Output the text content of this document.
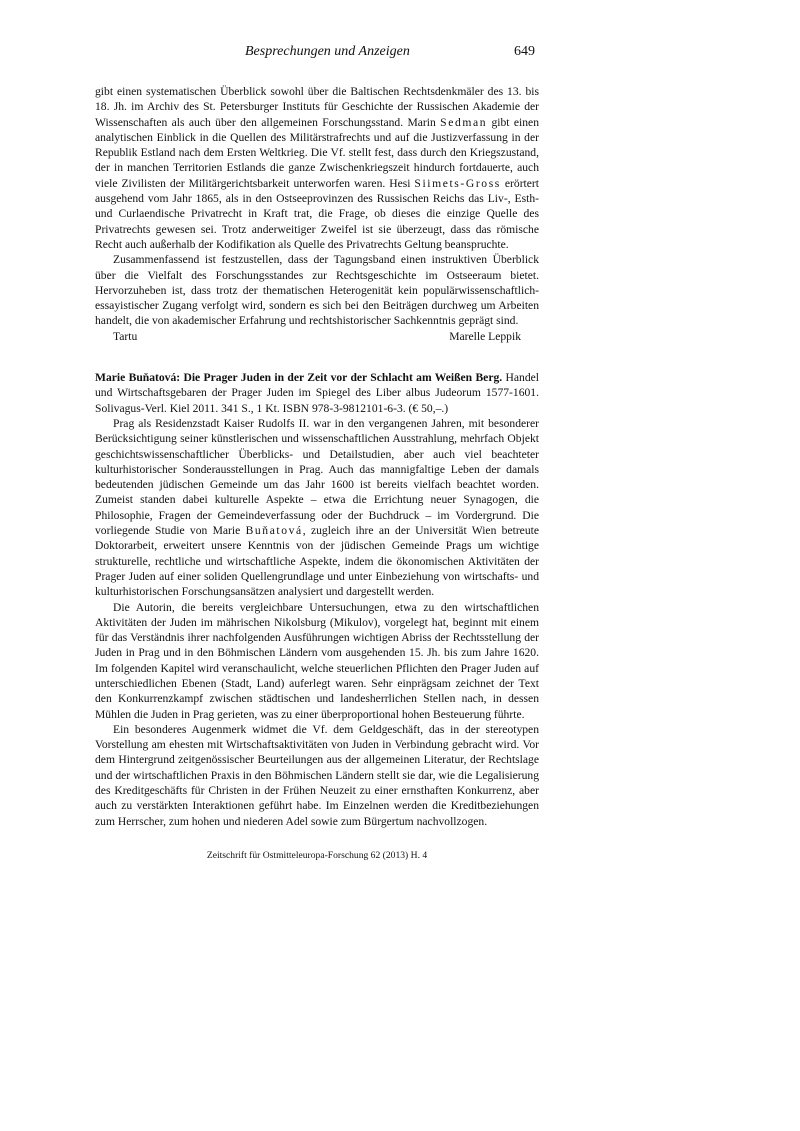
Besprechungen und Anzeigen	649

gibt einen systematischen Überblick sowohl über die Baltischen Rechtsdenkmäler des 13. bis 18. Jh. im Archiv des St. Petersburger Instituts für Geschichte der Russischen Akademie der Wissenschaften als auch über den allgemeinen Forschungsstand. Marin Sedman gibt einen analytischen Einblick in die Quellen des Militärstrafrechts und auf die Justizverfassung in der Republik Estland nach dem Ersten Weltkrieg. Die Vf. stellt fest, dass durch den Kriegszustand, der in manchen Territorien Estlands die ganze Zwischenkriegszeit hindurch fortdauerte, auch viele Zivilisten der Militärgerichtsbarkeit unterworfen waren. Hesi Siimets-Gross erörtert ausgehend vom Jahr 1865, als in den Ostseeprovinzen des Russischen Reichs das Liv-, Esth- und Curlaendische Privatrecht in Kraft trat, die Frage, ob dieses die einzige Quelle des Privatrechts gewesen sei. Trotz anderweitiger Zweifel ist sie überzeugt, dass das römische Recht auch außerhalb der Kodifikation als Quelle des Privatrechts Geltung beanspruchte.

Zusammenfassend ist festzustellen, dass der Tagungsband einen instruktiven Überblick über die Vielfalt des Forschungsstandes zur Rechtsgeschichte im Ostseeraum bietet. Hervorzuheben ist, dass trotz der thematischen Heterogenität kein populärwissenschaftlich-essayistischer Zugang verfolgt wird, sondern es sich bei den Beiträgen durchweg um Arbeiten handelt, die von akademischer Erfahrung und rechtshistorischer Sachkenntnis geprägt sind.

Tartu	Marelle Leppik

Marie Buňatová: Die Prager Juden in der Zeit vor der Schlacht am Weißen Berg. Handel und Wirtschaftsgebaren der Prager Juden im Spiegel des Liber albus Judeorum 1577-1601. Solivagus-Verl. Kiel 2011. 341 S., 1 Kt. ISBN 978-3-9812101-6-3. (€ 50,–.)

Prag als Residenzstadt Kaiser Rudolfs II. war in den vergangenen Jahren, mit besonderer Berücksichtigung seiner künstlerischen und wissenschaftlichen Ausstrahlung, mehrfach Objekt geschichtswissenschaftlicher Überblicks- und Detailstudien, aber auch viel beachteter kulturhistorischer Sonderausstellungen in Prag. Auch das mannigfaltige Leben der damals bedeutenden jüdischen Gemeinde um das Jahr 1600 ist bereits vielfach beachtet worden. Zumeist standen dabei kulturelle Aspekte – etwa die Errichtung neuer Synagogen, die Philosophie, Fragen der Gemeindeverfassung oder der Buchdruck – im Vordergrund. Die vorliegende Studie von Marie Buňatová, zugleich ihre an der Universität Wien betreute Doktorarbeit, erweitert unsere Kenntnis von der jüdischen Gemeinde Prags um wichtige strukturelle, rechtliche und wirtschaftliche Aspekte, indem die ökonomischen Aktivitäten der Prager Juden auf einer soliden Quellengrundlage und unter Einbeziehung von wirtschafts- und kulturhistorischen Forschungsansätzen analysiert und dargestellt werden.

Die Autorin, die bereits vergleichbare Untersuchungen, etwa zu den wirtschaftlichen Aktivitäten der Juden im mährischen Nikolsburg (Mikulov), vorgelegt hat, beginnt mit einem für das Verständnis ihrer nachfolgenden Ausführungen wichtigen Abriss der Rechtsstellung der Juden in Prag und in den Böhmischen Ländern vom ausgehenden 15. Jh. bis zum Jahre 1620. Im folgenden Kapitel wird veranschaulicht, welche steuerlichen Pflichten den Prager Juden auf unterschiedlichen Ebenen (Stadt, Land) auferlegt waren. Sehr einprägsam zeichnet der Text den Konkurrenzkampf zwischen städtischen und landesherrlichen Stellen nach, in dessen Mühlen die Juden in Prag gerieten, was zu einer überproportional hohen Besteuerung führte.

Ein besonderes Augenmerk widmet die Vf. dem Geldgeschäft, das in der stereotypen Vorstellung am ehesten mit Wirtschaftsaktivitäten von Juden in Verbindung gebracht wird. Vor dem Hintergrund zeitgenössischer Beurteilungen aus der allgemeinen Literatur, der Rechtslage und der wirtschaftlichen Praxis in den Böhmischen Ländern stellt sie dar, wie die Legalisierung des Kreditgeschäfts für Christen in der Frühen Neuzeit zu einer ernsthaften Konkurrenz, aber auch zu verstärkten Interaktionen geführt habe. Im Einzelnen werden die Kreditbeziehungen zum Herrscher, zum hohen und niederen Adel sowie zum Bürgertum nachvollzogen.

Zeitschrift für Ostmitteleuropa-Forschung 62 (2013) H. 4
